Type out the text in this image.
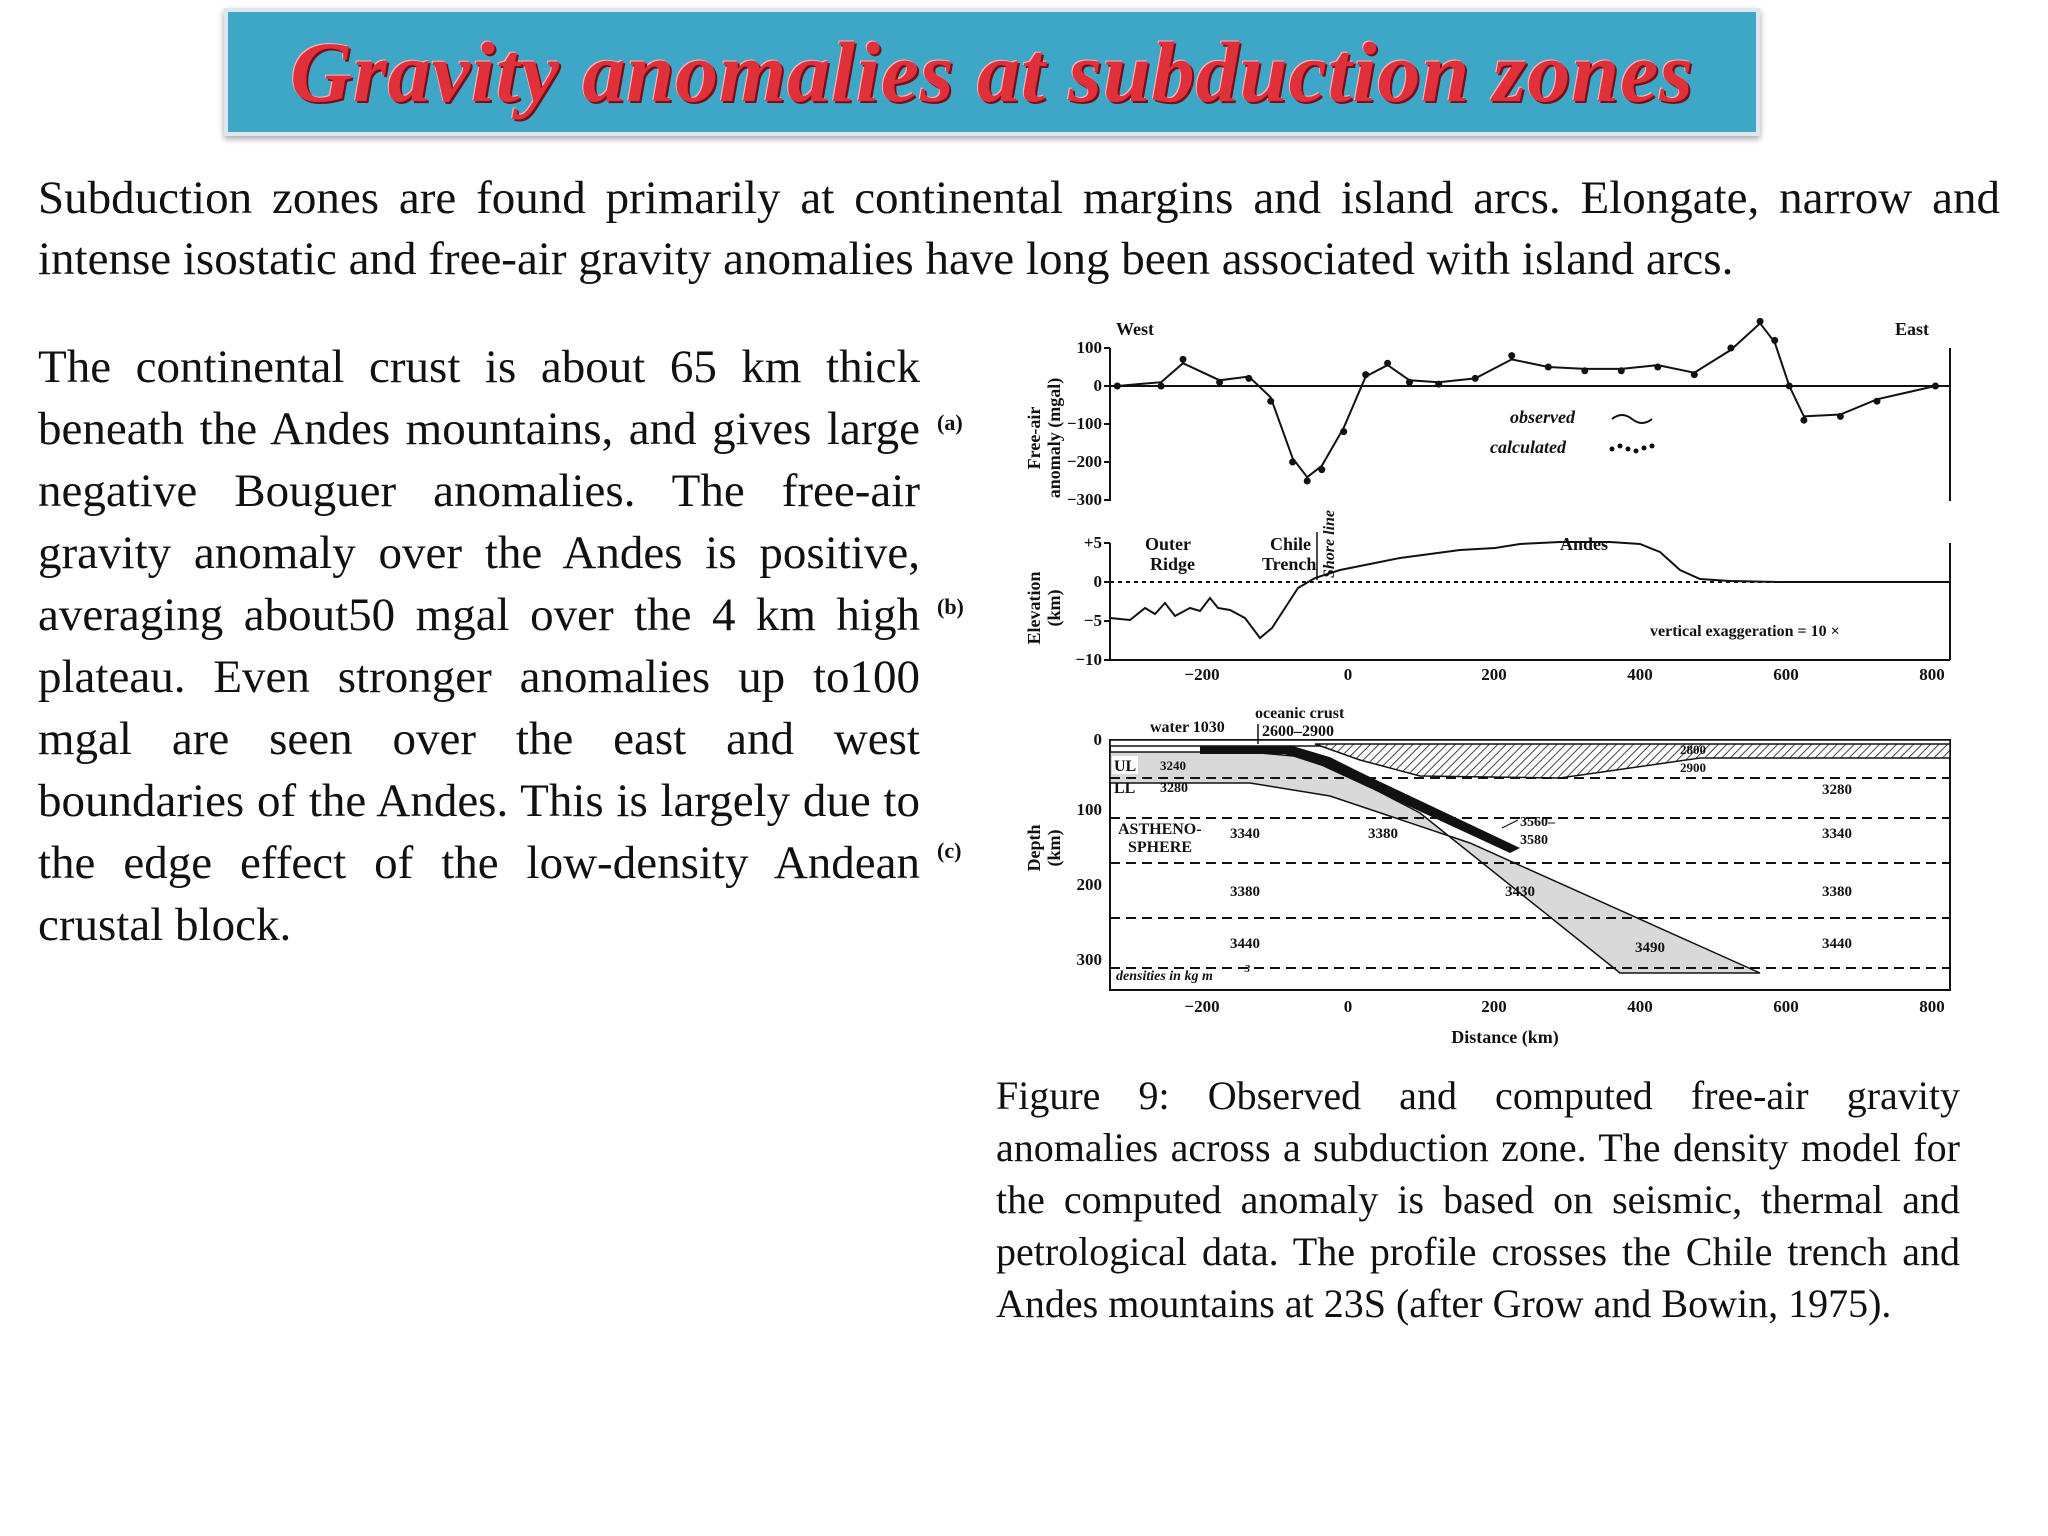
Gravity anomalies at subduction zones
Subduction zones are found primarily at continental margins and island arcs. Elongate, narrow and intense isostatic and free-air gravity anomalies have long been associated with island arcs.
The continental crust is about 65 km thick beneath the Andes mountains, and gives large negative Bouguer anomalies. The free-air gravity anomaly over the Andes is positive, averaging about50 mgal over the 4 km high plateau. Even stronger anomalies up to100 mgal are seen over the east and west boundaries of the Andes. This is largely due to the edge effect of the low-density Andean crustal block.
(a)	Free-air anomaly (mgal)
West	East
100
0
−100
−200
−300
observed
calculated
(b)	Elevation (km)
+5
0
−5
−10
Outer
Ridge
Chile
Trench Shore line	Andes
vertical exaggeration = 10 ×
−200	0	200	400	600	800
(c)	Depth (km)
0
100
200
300
water 1030
oceanic crust
2600–2900
UL
LL
3240
3280
ASTHENO-
SPHERE
3340
3380
3440
3380
2800
2900
3560–
3580
3430
3490
3280
3340
3380
3440
densities in kg m −3
−200	0	200	400	600	800
Distance (km)
Figure 9: Observed and computed free-air gravity anomalies across a subduction zone. The density model for the computed anomaly is based on seismic, thermal and petrological data. The profile crosses the Chile trench and Andes mountains at 23S (after Grow and Bowin, 1975).
